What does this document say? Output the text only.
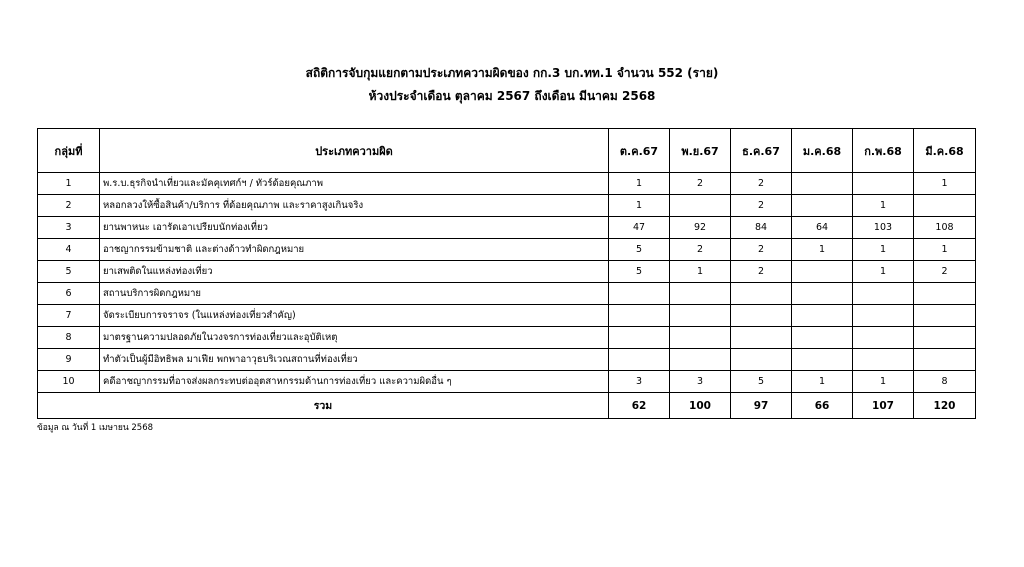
สถิติการจับกุมแยกตามประเภทความผิดของ กก.3 บก.ทท.1 จำนวน 552 (ราย)
ห้วงประจำเดือน ตุลาคม 2567 ถึงเดือน มีนาคม 2568
กลุ่มที่	ประเภทความผิด	ต.ค.67	พ.ย.67	ธ.ค.67	ม.ค.68	ก.พ.68	มี.ค.68
1	พ.ร.บ.ธุรกิจนำเที่ยวและมัคคุเทศก์ฯ / ทัวร์ด้อยคุณภาพ	1	2	2			1
2	หลอกลวงให้ซื้อสินค้า/บริการ ที่ด้อยคุณภาพ และราคาสูงเกินจริง	1		2		1	
3	ยานพาหนะ เอารัดเอาเปรียบนักท่องเที่ยว	47	92	84	64	103	108
4	อาชญากรรมข้ามชาติ และต่างด้าวทำผิดกฎหมาย	5	2	2	1	1	1
5	ยาเสพติดในแหล่งท่องเที่ยว	5	1	2		1	2
6	สถานบริการผิดกฎหมาย						
7	จัดระเบียบการจราจร (ในแหล่งท่องเที่ยวสำคัญ)						
8	มาตรฐานความปลอดภัยในวงจรการท่องเที่ยวและอุบัติเหตุ						
9	ทำตัวเป็นผู้มีอิทธิพล มาเฟีย พกพาอาวุธบริเวณสถานที่ท่องเที่ยว						
10	คดีอาชญากรรมที่อาจส่งผลกระทบต่ออุตสาหกรรมด้านการท่องเที่ยว และความผิดอื่น ๆ	3	3	5	1	1	8
รวม		62	100	97	66	107	120
ข้อมูล ณ วันที่ 1 เมษายน 2568
